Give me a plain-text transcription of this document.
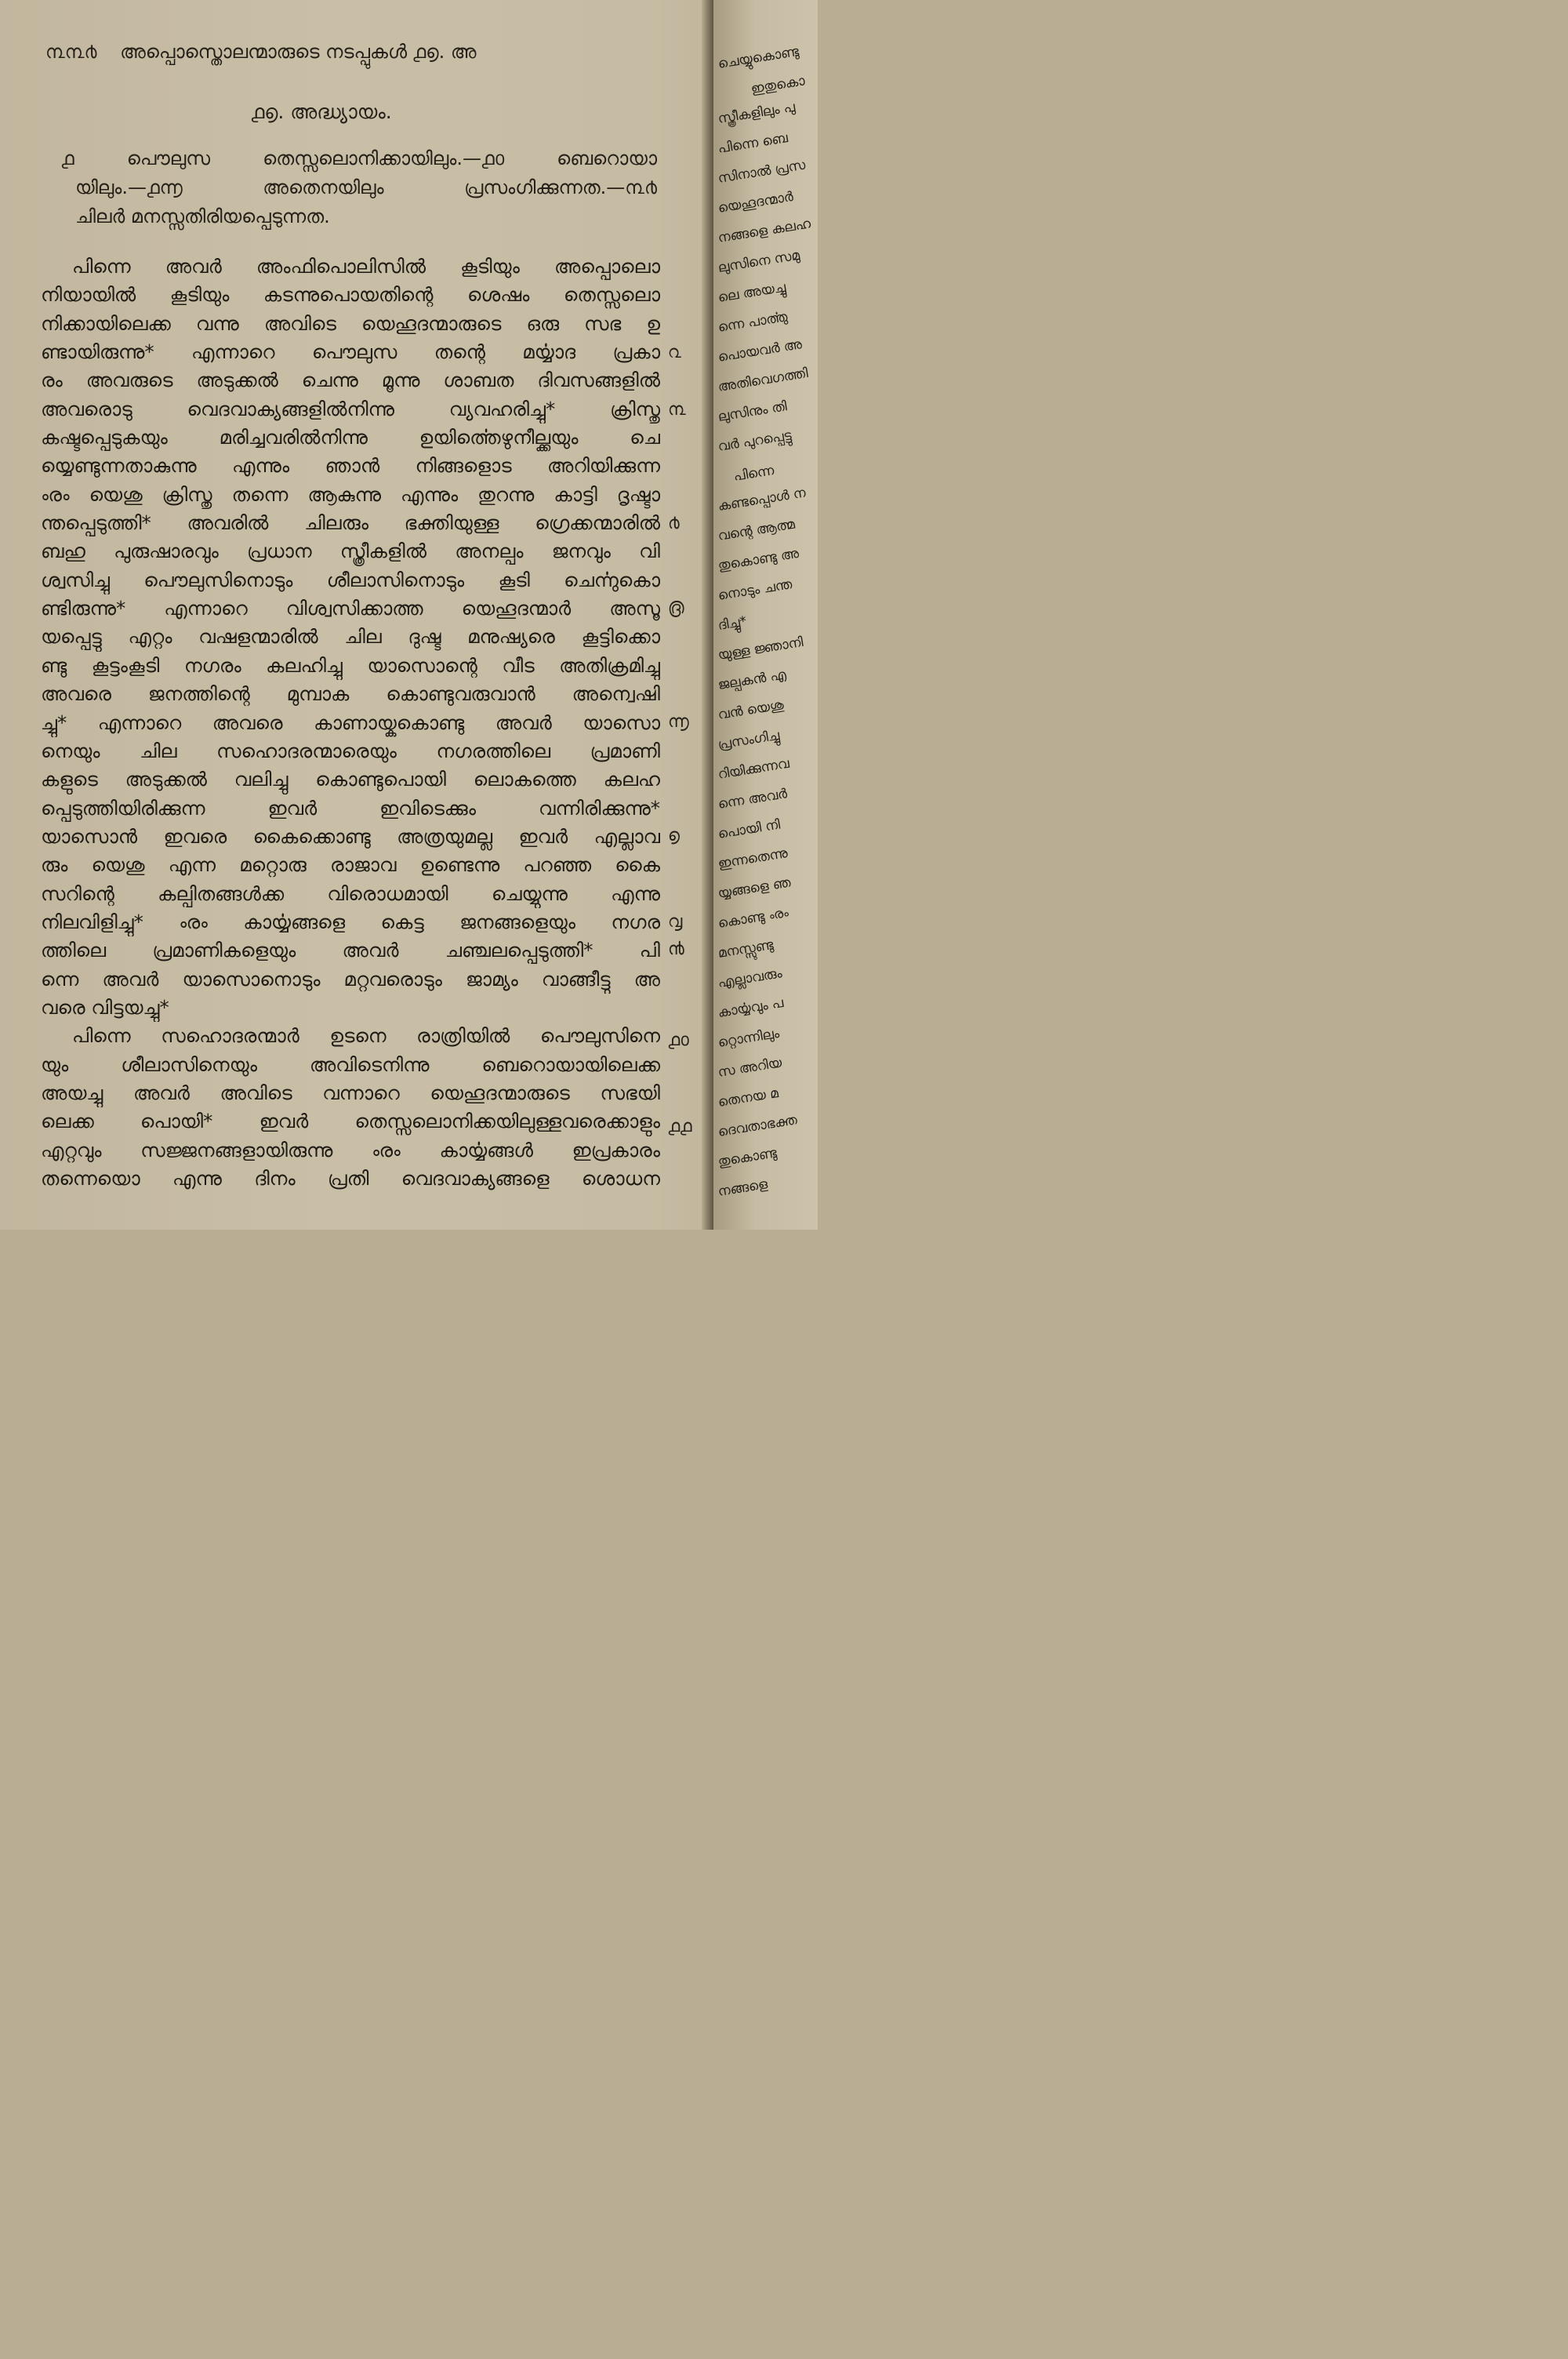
൩൩൪ അപ്പൊസ്തൊലന്മാരുടെ നടപ്പുകൾ ൧൭. അ
൧൭. അദ്ധ്യായം.
൧ പൌലുസ തെസ്സലൊനിക്കായിലും.—൧൦ ബെറൊയാ
യിലും.—൧൬ അതെനയിലും പ്രസംഗിക്കുന്നത.—൩൪
ചിലർ മനസ്സതിരിയപ്പെടുന്നത.
പിന്നെ അവർ അംഫിപൊലിസിൽ കൂടിയും അപ്പൊലൊ
നിയായിൽ കൂടിയും കടന്നുപൊയതിന്റെ ശെഷം തെസ്സലൊ
നിക്കായിലെക്ക വന്നു അവിടെ യെഹൂദന്മാരുടെ ഒരു സഭ ഉ
ണ്ടായിരുന്നു* എന്നാറെ പൌലുസ തന്റെ മൎയ്യാദ പ്രകാ
രം അവരുടെ അടുക്കൽ ചെന്നു മൂന്നു ശാബത ദിവസങ്ങളിൽ
അവരൊടു വെദവാക്യങ്ങളിൽനിന്നു വ്യവഹരിച്ചു* ക്രിസ്തു
കഷ്ടപ്പെടുകയും മരിച്ചവരിൽനിന്നു ഉയിൎത്തെഴുനീല്ക്കയും ചെ
യ്യെണ്ടുന്നതാകുന്നു എന്നും ഞാൻ നിങ്ങളൊട അറിയിക്കുന്ന
ൟ യെശു ക്രിസ്തു തന്നെ ആകുന്നു എന്നും തുറന്നു കാട്ടി ദൃഷ്ടാ
ന്തപ്പെടുത്തി* അവരിൽ ചിലരും ഭക്തിയുള്ള ഗ്രെക്കന്മാരിൽ
ബഹു പുരുഷാരവും പ്രധാന സ്ത്രീകളിൽ അനല്പം ജനവും വി
ശ്വസിച്ചു പൌലുസിനൊടും ശീലാസിനൊടും കൂടി ചെൎന്നുകൊ
ണ്ടിരുന്നു* എന്നാറെ വിശ്വസിക്കാത്ത യെഹൂദന്മാർ അസൂ
യപ്പെട്ടു എറ്റം വഷളന്മാരിൽ ചില ദുഷ്ട മനുഷ്യരെ കൂട്ടിക്കൊ
ണ്ടു കൂട്ടംകൂടി നഗരം കലഹിച്ചു യാസൊന്റെ വീട അതിക്രമിച്ചു
അവരെ ജനത്തിന്റെ മുമ്പാക കൊണ്ടുവരുവാൻ അന്വെഷി
ച്ചു* എന്നാറെ അവരെ കാണായ്കകൊണ്ടു അവർ യാസൊ
നെയും ചില സഹൊദരന്മാരെയും നഗരത്തിലെ പ്രമാണി
കളുടെ അടുക്കൽ വലിച്ചു കൊണ്ടുപൊയി ലൊകത്തെ കലഹ
പ്പെടുത്തിയിരിക്കുന്ന ഇവർ ഇവിടെക്കും വന്നിരിക്കുന്നു*
യാസൊൻ ഇവരെ കൈക്കൊണ്ടു അത്രയുമല്ല ഇവർ എല്ലാവ
രും യെശു എന്ന മറ്റൊരു രാജാവ ഉണ്ടെന്നു പറഞ്ഞ കൈ
സറിന്റെ കല്പിതങ്ങൾക്ക വിരൊധമായി ചെയ്യുന്നു എന്നു
നിലവിളിച്ചു* ൟ കാൎയ്യങ്ങളെ കെട്ട ജനങ്ങളെയും നഗര
ത്തിലെ പ്രമാണികളെയും അവർ ചഞ്ചലപ്പെടുത്തി* പി
ന്നെ അവർ യാസൊനൊടും മറ്റവരൊടും ജാമ്യം വാങ്ങീട്ടു അ
വരെ വിട്ടയച്ചു*
പിന്നെ സഹൊദരന്മാർ ഉടനെ രാത്രിയിൽ പൌലുസിനെ
യും ശീലാസിനെയും അവിടെനിന്നു ബെറൊയായിലെക്ക
അയച്ചു അവർ അവിടെ വന്നാറെ യെഹൂദന്മാരുടെ സഭയി
ലെക്ക പൊയി* ഇവർ തെസ്സലൊനിക്കയിലുള്ളവരെക്കാളും
എറ്റവും സജ്ജനങ്ങളായിരുന്നു ൟ കാൎയ്യങ്ങൾ ഇപ്രകാരം
തന്നെയൊ എന്നു ദിനം പ്രതി വെദവാക്യങ്ങളെ ശൊധന
൨
൩
൪
൫
൬
൭
൮
൯
൧൦
൧൧
ചെയ്യുകൊണ്ടു
ഇതുകൊ
സ്ത്രീകളിലും പു
പിന്നെ ബെ
സിനാൽ പ്രസ
യെഹൂദന്മാർ
നങ്ങളെ കലഹ
ലുസിനെ സമു
ലെ അയച്ചു
ന്നെ പാൎത്തു
പൊയവർ അ
അതിവെഗത്തി
ലുസിനും തി
വർ പുറപ്പെട്ടു
പിന്നെ
കണ്ടപ്പൊൾ ന
വന്റെ ആത്മ
തുകൊണ്ടു അ
നൊടും ചന്ത
ദിച്ചു*
യുള്ള ജ്ഞാനി
ജല്പകൻ എ
വൻ യെശു
പ്രസംഗിച്ചു
റിയിക്കുന്നവ
ന്നെ അവർ
പൊയി നി
ഇന്നതെന്നു
യ്യങ്ങളെ ഞ
കൊണ്ടു ൟ
മനസ്സുണ്ടു
എല്ലാവരും
കാൎയ്യവും പ
റ്റൊന്നിലും
സ അറിയ
തെനയ മ
ദെവതാഭക്ത
തുകൊണ്ടു
നങ്ങളെ
